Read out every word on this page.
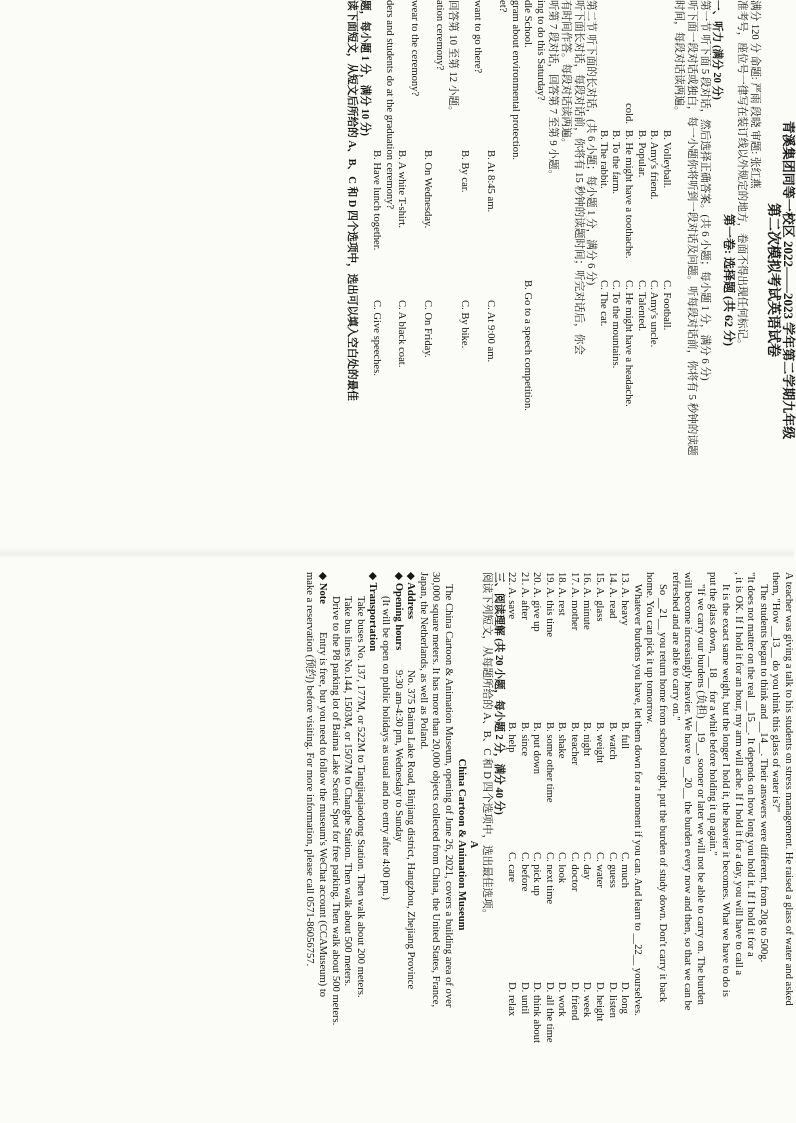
青溪集团同等一校区 2022——2023 学年第二学期九年级
第二次模拟考试英语试卷
满分 120 分 命题: 严雨 段晓 审题: 张红燕
准考号，座位号一律写在装订线以外规定的地方，卷面不得出现任何标记。
第一卷: 选择题 (共 62 分)
一、听力 (满分 20 分)
第一节 听下面 5 段对话，然后选择正确答案。(共 6 小题；每小题 1 分，满分 6 分)
听下面一段对话或独白，每一小题你将听到一段对话及问题。听每段对话前，你将有 5 秒钟的读题
时间，每段对话读两遍。
B. Volleyball.
C. Football.
B. Amy's friend.
C. Amy's uncle.
B. Popular.
C. Talented.
cold.
B. He might have a toothache.
C. He might have a headache.
B. To the farm.
C. To the mountains.
B. The rabbit.
C. The cat.
第二节 听下面的长对话，(共 6 小题；每小题 1 分，满分 6 分)
听下面长对话，每段对话前，你将有 15 秒钟的读题时间；听完对话后，你会
有时间作答。每段对话读两遍。
听第 7 段对话，回答第 7 至第 9 小题。
ing to do this Saturday?
dle School.
B. Go to a speech competition.
gram about environmental protection.
et?
B. At 8:45 am.
C. At 9:00 am.
want to go there?
B. By car.
C. By bike.
回答第 10 至第 12 小题。
ation ceremony?
B. On Wednesday.
C. On Friday.
wear to the ceremony?
B. A white T-shirt.
C. A black coat.
ders and students do at the graduation ceremony?
B. Have lunch together.
C. Give speeches.
题，每小题 1 分，满分 10 分)
读下面短文，从短文后所给的 A、B、C 和 D 四个选项中，选出可以填入空白处的最佳
A teacher was giving a talk to his students on stress management. He raised a glass of water and asked
them, "How __13__ do you think this glass of water is?"
The students began to think and __14__. Their answers were different, from 20g to 500g.
"It does not matter on the real __15__. It depends on how long you hold it. If I hold it for a
, it is OK. If I hold it for an hour, my arm will ache. If I hold it for a day, you will have to call a
It is the exact same weight, but the longer I hold it, the heavier it becomes. What we have to do is
put the glass down, __18__ for a while before holding it up again."
"If we carry our burdens (负担) __19__, sooner or later we will not be able to carry on. The burden
will become increasingly heavier. We have to __20__ the burden every now and then, so that we can be
refreshed and are able to carry on."
So __21__ you return home from school tonight, put the burden of study down. Don't carry it back
home. You can pick it up tomorrow.
Whatever burdens you have, let them down for a moment if you can. And learn to __22__ yourselves.
13. A. heavy
B. full
C. much
D. long
14. A. read
B. watch
C. guess
D. listen
15. A. glass
B. weight
C. water
D. height
16. A. minute
B. night
C. day
D. week
17. A. mother
B. teacher
C. doctor
D. friend
18. A. rest
B. shake
C. look
D. work
19. A. this time
B. some other time
C. next time
D. all the time
20. A. give up
B. put down
C. pick up
D. think about
21. A. after
B. since
C. before
D. until
22. A. save
B. help
C. care
D. relax
三、阅读理解 (共 20 小题，每小题 2 分，满分 40 分)
阅读下列短文，从每题所给的 A、B、C 和 D 四个选项中，选出最佳选项。
A
China Cartoon & Animation Museum
The China Cartoon & Animation Museum, opening of June 26, 2021, covers a building area of over
30,000 square meters. It has more than 20,000 objects collected from China, the United States, France,
Japan, the Netherlands, as well as Poland.
◆ Address
No. 375 Baima Lake Road, Binjiang district, Hangzhou, Zhejiang Province
◆ Opening hours
9:30 am-4:30 pm, Wednesday to Sunday
(It will be open on public holidays as usual and no entry after 4:00 pm.)
◆ Transportation
Take buses No. 137, 177M, or 522M to Tangjiaqiaodong Station. Then walk about 200 meters.
Take bus lines No.144, 1503M, or 1507M to Changhe Station. Then walk about 500 meters.
Drive to the P8 parking lot of Baima Lake Scenic Spot for free parking. Then walk about 500 meters.
◆ Note
Entry is free, but you need to follow the museum's WeChat account (CCAMuseum) to
make a reservation (预约) before visiting. For more information, please call 0571-86056757.
